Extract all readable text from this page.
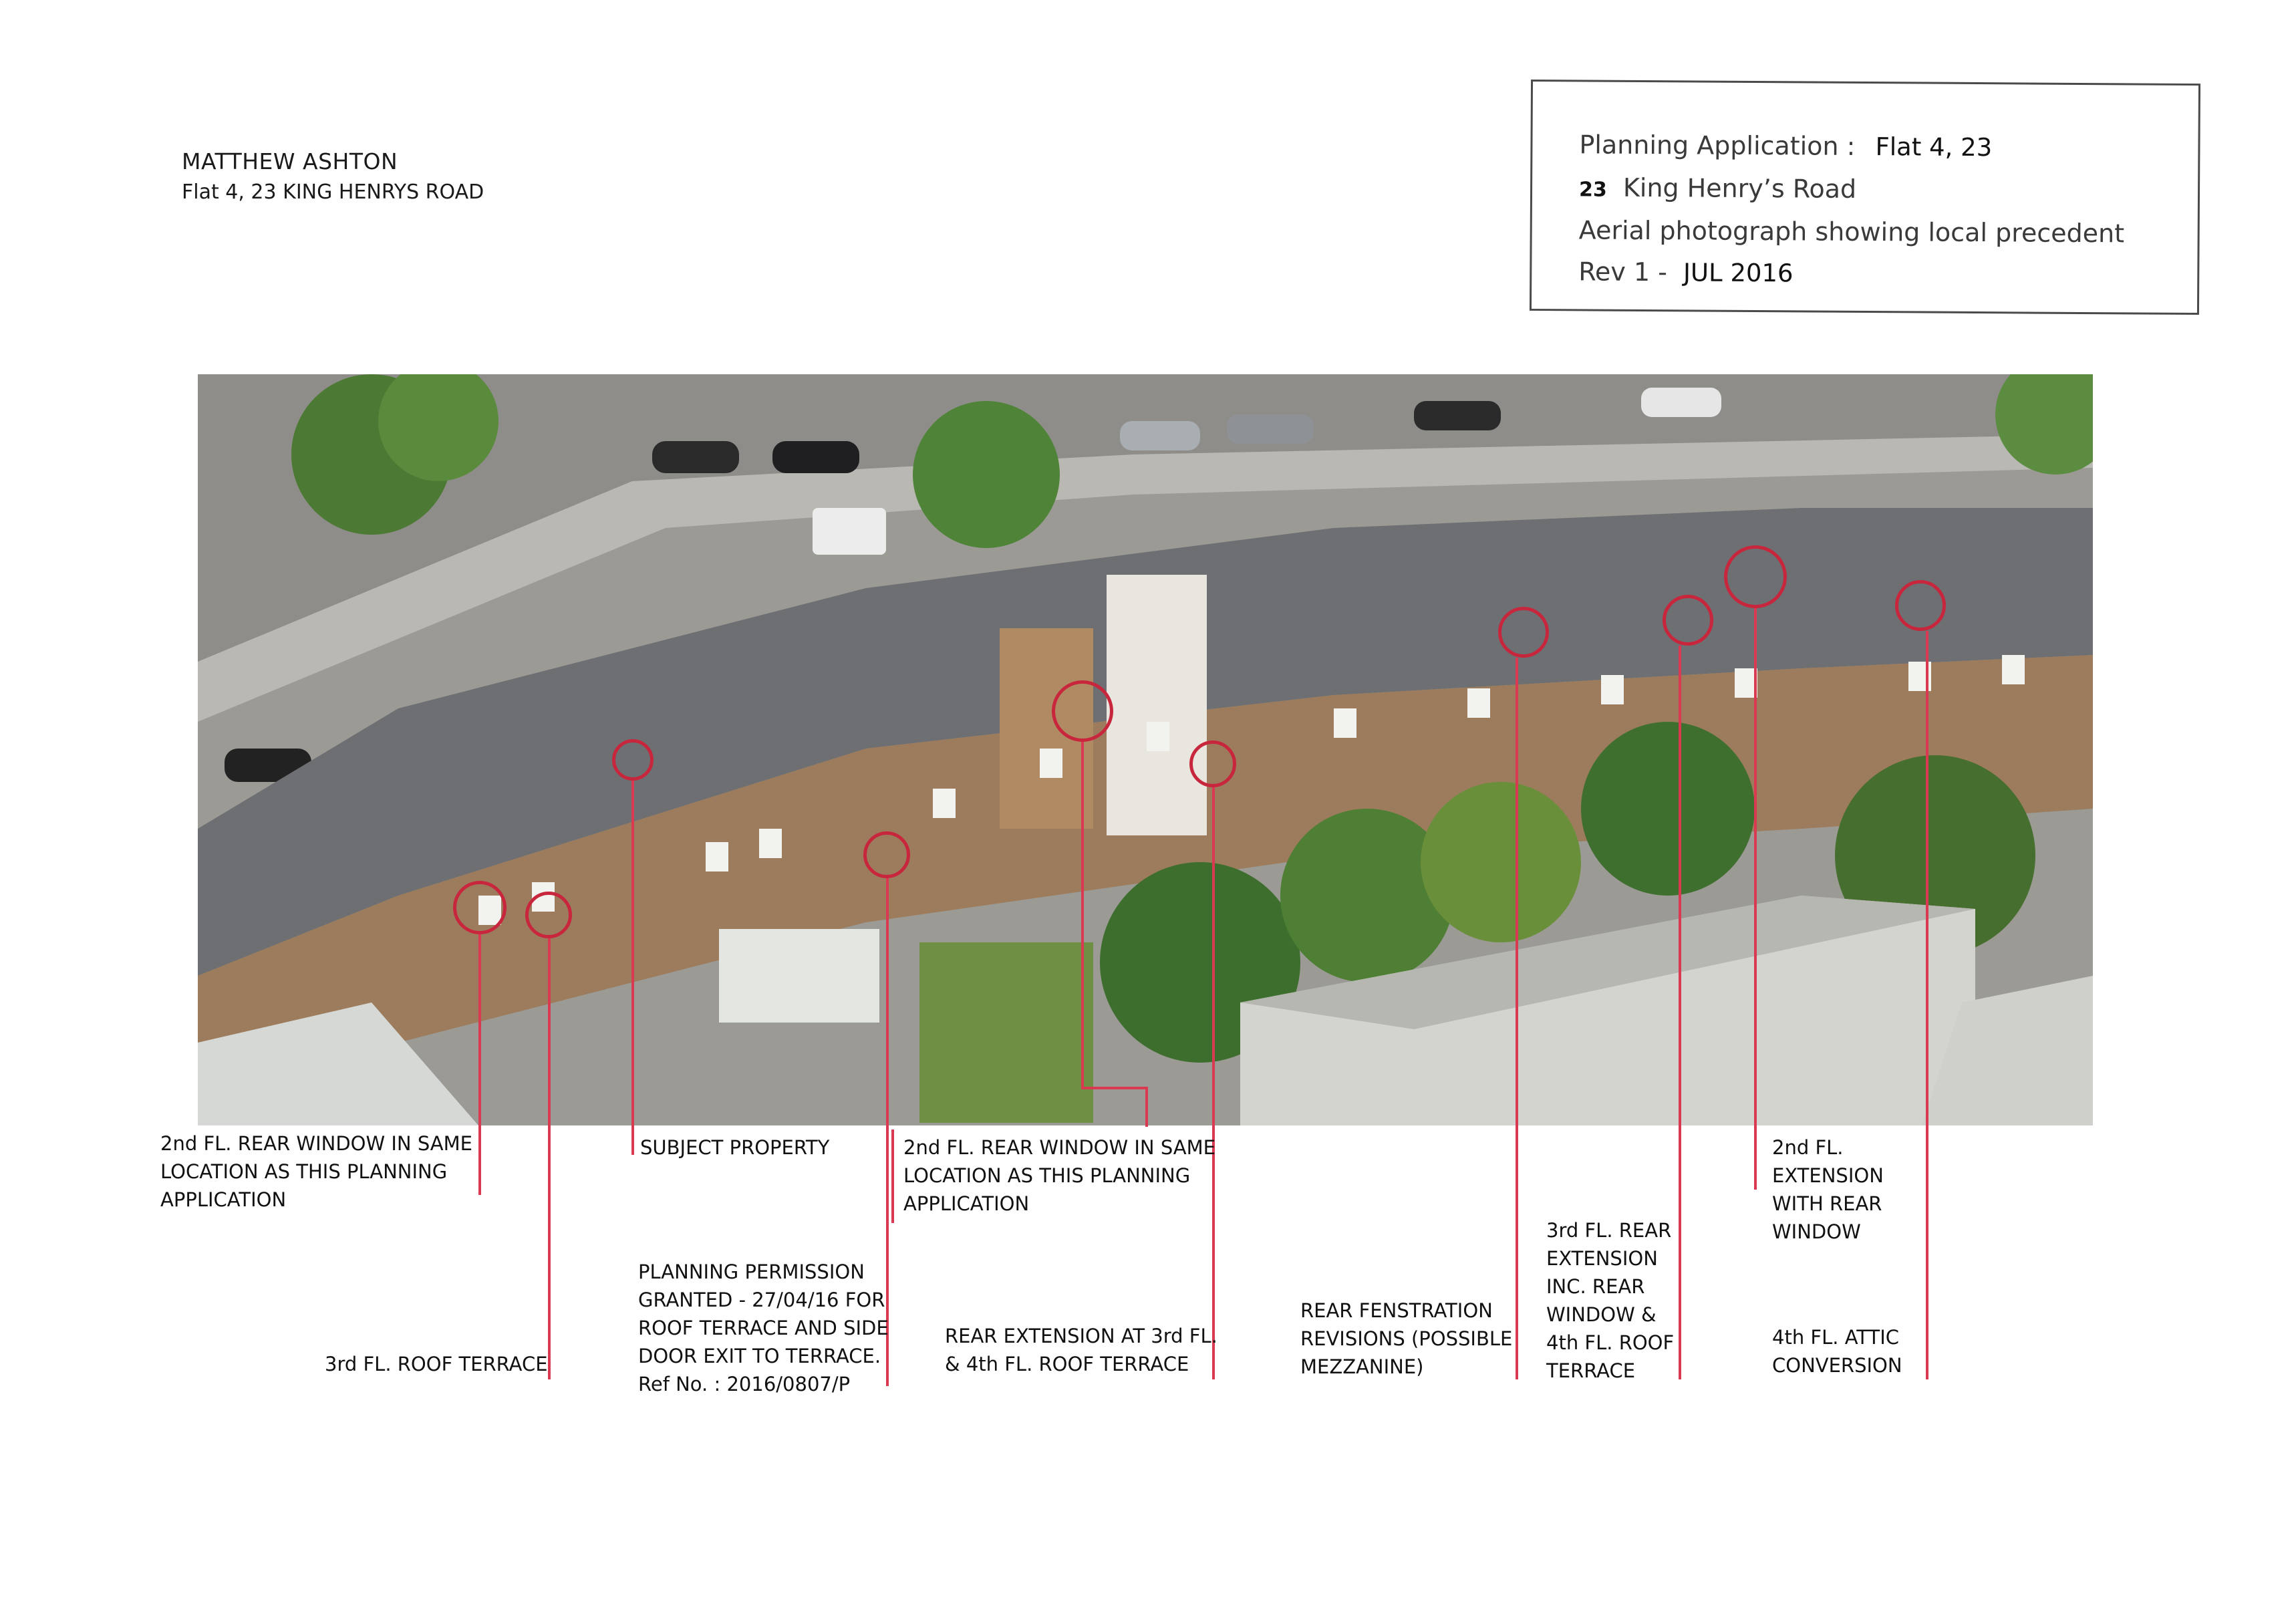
MATTHEW ASHTON
Flat 4, 23 KING HENRYS ROAD
Planning Application : Flat 4, 23
23 King Henry’s Road
Aerial photograph showing local precedent
Rev 1 - JUL 2016
2nd FL. REAR WINDOW IN SAME
LOCATION AS THIS PLANNING
APPLICATION
3rd FL. ROOF TERRACE
SUBJECT PROPERTY
PLANNING PERMISSION
GRANTED - 27/04/16 FOR
ROOF TERRACE AND SIDE
DOOR EXIT TO TERRACE.
Ref No. : 2016/0807/P
2nd FL. REAR WINDOW IN SAME
LOCATION AS THIS PLANNING
APPLICATION
REAR EXTENSION AT 3rd FL.
& 4th FL. ROOF TERRACE
REAR FENSTRATION
REVISIONS (POSSIBLE
MEZZANINE)
3rd FL. REAR
EXTENSION
INC. REAR
WINDOW &
4th FL. ROOF
TERRACE
2nd FL.
EXTENSION
WITH REAR
WINDOW
4th FL. ATTIC
CONVERSION
